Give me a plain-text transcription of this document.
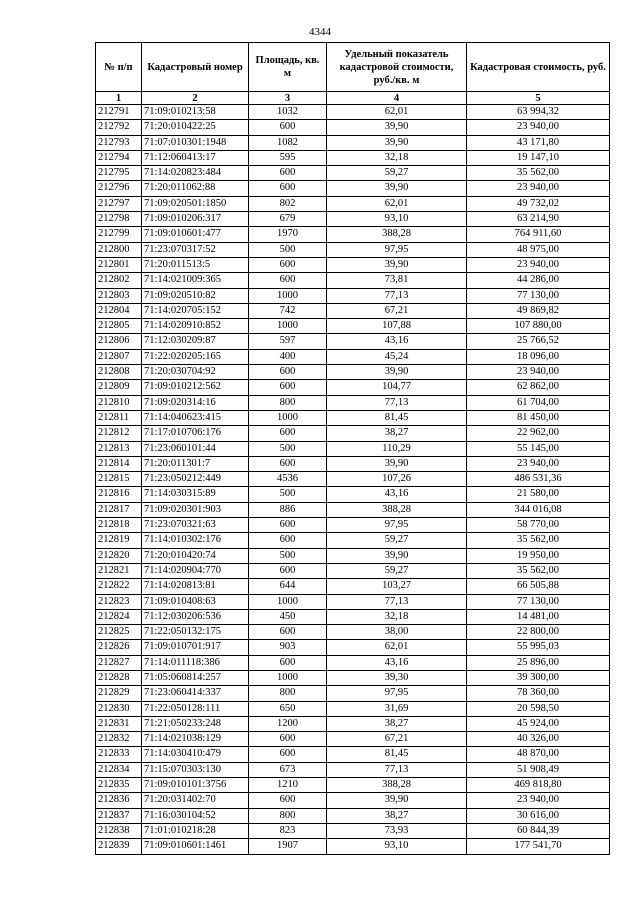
4344
№ п/п	Кадастровый номер	Площадь, кв. м	Удельный показатель кадастровой стоимости, руб./кв. м	Кадастровая стоимость, руб.
1	2	3	4	5
212791	71:09:010213:58	1032	62,01	63 994,32
212792	71:20:010422:25	600	39,90	23 940,00
212793	71:07:010301:1948	1082	39,90	43 171,80
212794	71:12:060413:17	595	32,18	19 147,10
212795	71:14:020823:484	600	59,27	35 562,00
212796	71:20:011062:88	600	39,90	23 940,00
212797	71:09:020501:1850	802	62,01	49 732,02
212798	71:09:010206:317	679	93,10	63 214,90
212799	71:09:010601:477	1970	388,28	764 911,60
212800	71:23:070317:52	500	97,95	48 975,00
212801	71:20:011513:5	600	39,90	23 940,00
212802	71:14:021009:365	600	73,81	44 286,00
212803	71:09:020510:82	1000	77,13	77 130,00
212804	71:14:020705:152	742	67,21	49 869,82
212805	71:14:020910:852	1000	107,88	107 880,00
212806	71:12:030209:87	597	43,16	25 766,52
212807	71:22:020205:165	400	45,24	18 096,00
212808	71:20:030704:92	600	39,90	23 940,00
212809	71:09:010212:562	600	104,77	62 862,00
212810	71:09:020314:16	800	77,13	61 704,00
212811	71:14:040623:415	1000	81,45	81 450,00
212812	71:17:010706:176	600	38,27	22 962,00
212813	71:23:060101:44	500	110,29	55 145,00
212814	71:20:011301:7	600	39,90	23 940,00
212815	71:23:050212:449	4536	107,26	486 531,36
212816	71:14:030315:89	500	43,16	21 580,00
212817	71:09:020301:903	886	388,28	344 016,08
212818	71:23:070321:63	600	97,95	58 770,00
212819	71:14:010302:176	600	59,27	35 562,00
212820	71:20:010420:74	500	39,90	19 950,00
212821	71:14:020904:770	600	59,27	35 562,00
212822	71:14:020813:81	644	103,27	66 505,88
212823	71:09:010408:63	1000	77,13	77 130,00
212824	71:12:030206:536	450	32,18	14 481,00
212825	71:22:050132:175	600	38,00	22 800,00
212826	71:09:010701:917	903	62,01	55 995,03
212827	71:14:011118:386	600	43,16	25 896,00
212828	71:05:060814:257	1000	39,30	39 300,00
212829	71:23:060414:337	800	97,95	78 360,00
212830	71:22:050128:111	650	31,69	20 598,50
212831	71:21:050233:248	1200	38,27	45 924,00
212832	71:14:021038:129	600	67,21	40 326,00
212833	71:14:030410:479	600	81,45	48 870,00
212834	71:15:070303:130	673	77,13	51 908,49
212835	71:09:010101:3756	1210	388,28	469 818,80
212836	71:20:031402:70	600	39,90	23 940,00
212837	71:16:030104:52	800	38,27	30 616,00
212838	71:01:010218:28	823	73,93	60 844,39
212839	71:09:010601:1461	1907	93,10	177 541,70
